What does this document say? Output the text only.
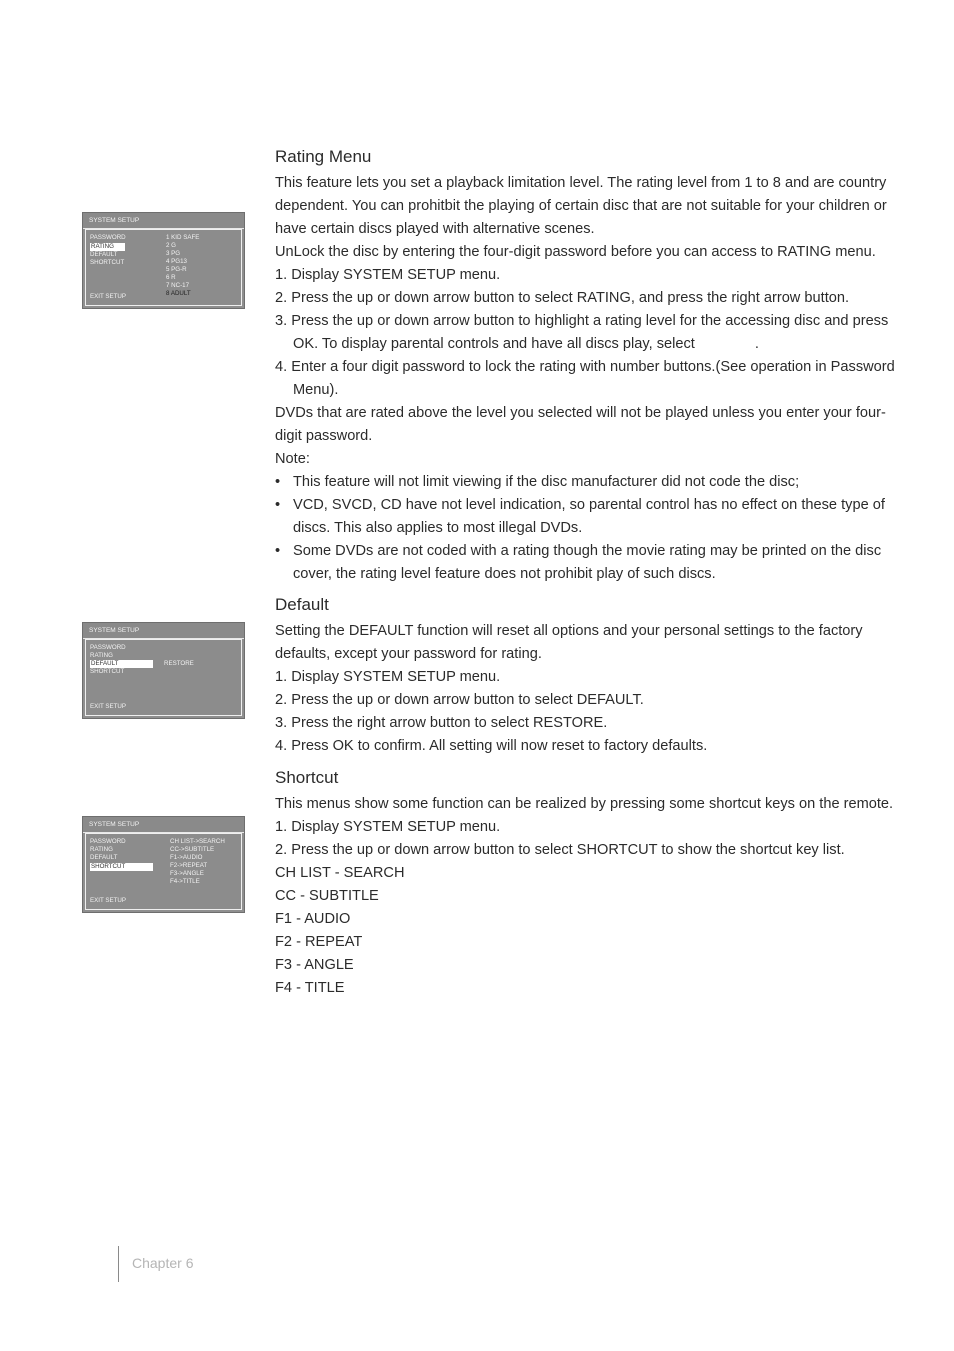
Rating Menu

This feature lets you set a playback limitation level. The rating level from 1 to 8 and are country dependent. You can prohitbit the playing of certain disc that are not suitable for your children or have certain discs played with alternative scenes.

UnLock the disc by entering the four-digit password before you can access to RATING menu.

1. Display SYSTEM SETUP menu.
2. Press the up or down arrow button to select RATING, and press the right arrow button.
3. Press the up or down arrow button to highlight a rating level for the accessing disc and press OK. To display parental controls and have all discs play, select	.
4. Enter a four digit password to lock the rating with number buttons.(See operation in Password Menu).

DVDs that are rated above the level you selected will not be played unless you enter your four-digit password.

Note:

• This feature will not limit viewing if the disc manufacturer did not code the disc;
• VCD, SVCD, CD have not level indication, so parental control has no effect on these type of discs. This also applies to most illegal DVDs.
• Some DVDs are not coded with a rating though the movie rating may be printed on the disc cover, the rating level feature does not prohibit play of such discs.
Default

Setting the DEFAULT function will reset all options and your personal settings to the factory defaults, except your password for rating.

1. Display SYSTEM SETUP menu.
2. Press the up or down arrow button to select DEFAULT.
3. Press the right arrow button to select RESTORE.
4. Press OK to confirm. All setting will now reset to factory defaults.
Shortcut

This menus show some function can be realized by pressing some shortcut keys on the remote.

1. Display SYSTEM SETUP menu.
2. Press the up or down arrow button to select SHORTCUT to show the shortcut key list.

CH LIST - SEARCH

CC - SUBTITLE

F1 - AUDIO

F2 - REPEAT

F3 - ANGLE

F4 - TITLE

SYSTEM SETUP
PASSWORD
RATING
DEFAULT
SHORTCUT
1 KID SAFE
2 G
3 PG
4 PG13
5 PG-R
6 R
7 NC-17
8 ADULT
EXIT SETUP
SYSTEM SETUP
PASSWORD
RATING
DEFAULT
SHORTCUT
RESTORE
EXIT SETUP
SYSTEM SETUP
PASSWORD
RATING
DEFAULT
SHORTCUT
CH LIST->SEARCH
CC->SUBTITLE
F1->AUDIO
F2->REPEAT
F3->ANGLE
F4->TITLE
EXIT SETUP
Chapter 6
